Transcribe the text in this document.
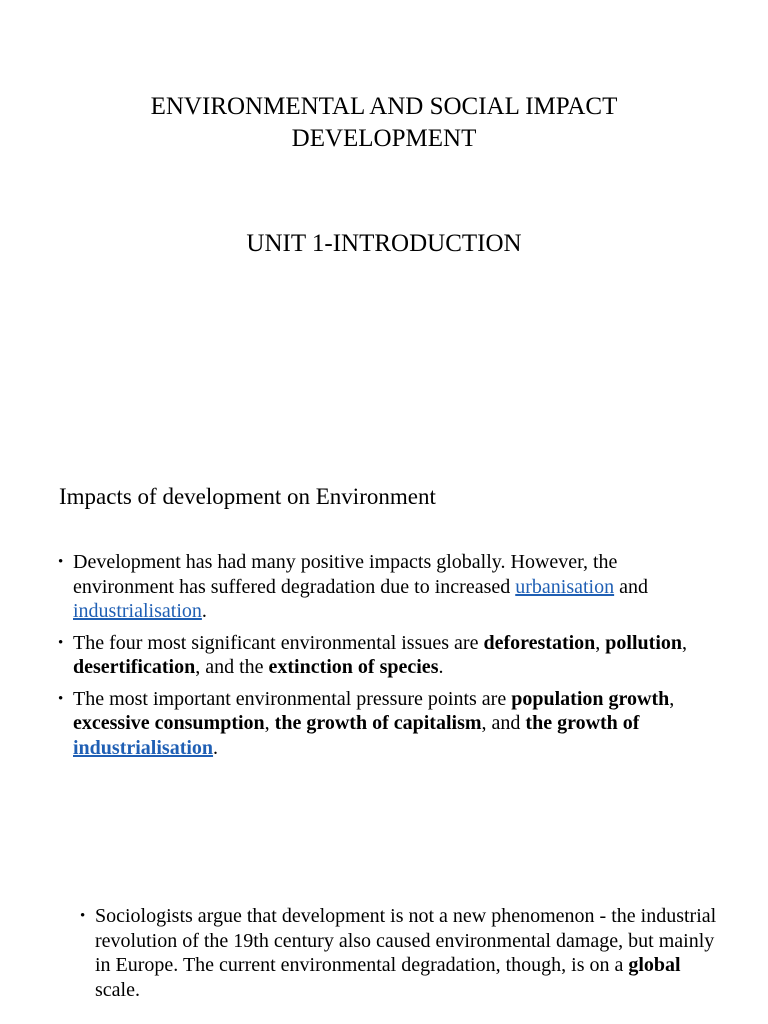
ENVIRONMENTAL AND SOCIAL IMPACT
DEVELOPMENT
UNIT 1-INTRODUCTION
Impacts of development on Environment
• Development has had many positive impacts globally. However, the environment has suffered degradation due to increased urbanisation and industrialisation.
• The four most significant environmental issues are deforestation, pollution, desertification, and the extinction of species.
• The most important environmental pressure points are population growth, excessive consumption, the growth of capitalism, and the growth of industrialisation.
• Sociologists argue that development is not a new phenomenon - the industrial revolution of the 19th century also caused environmental damage, but mainly in Europe. The current environmental degradation, though, is on a global scale.
